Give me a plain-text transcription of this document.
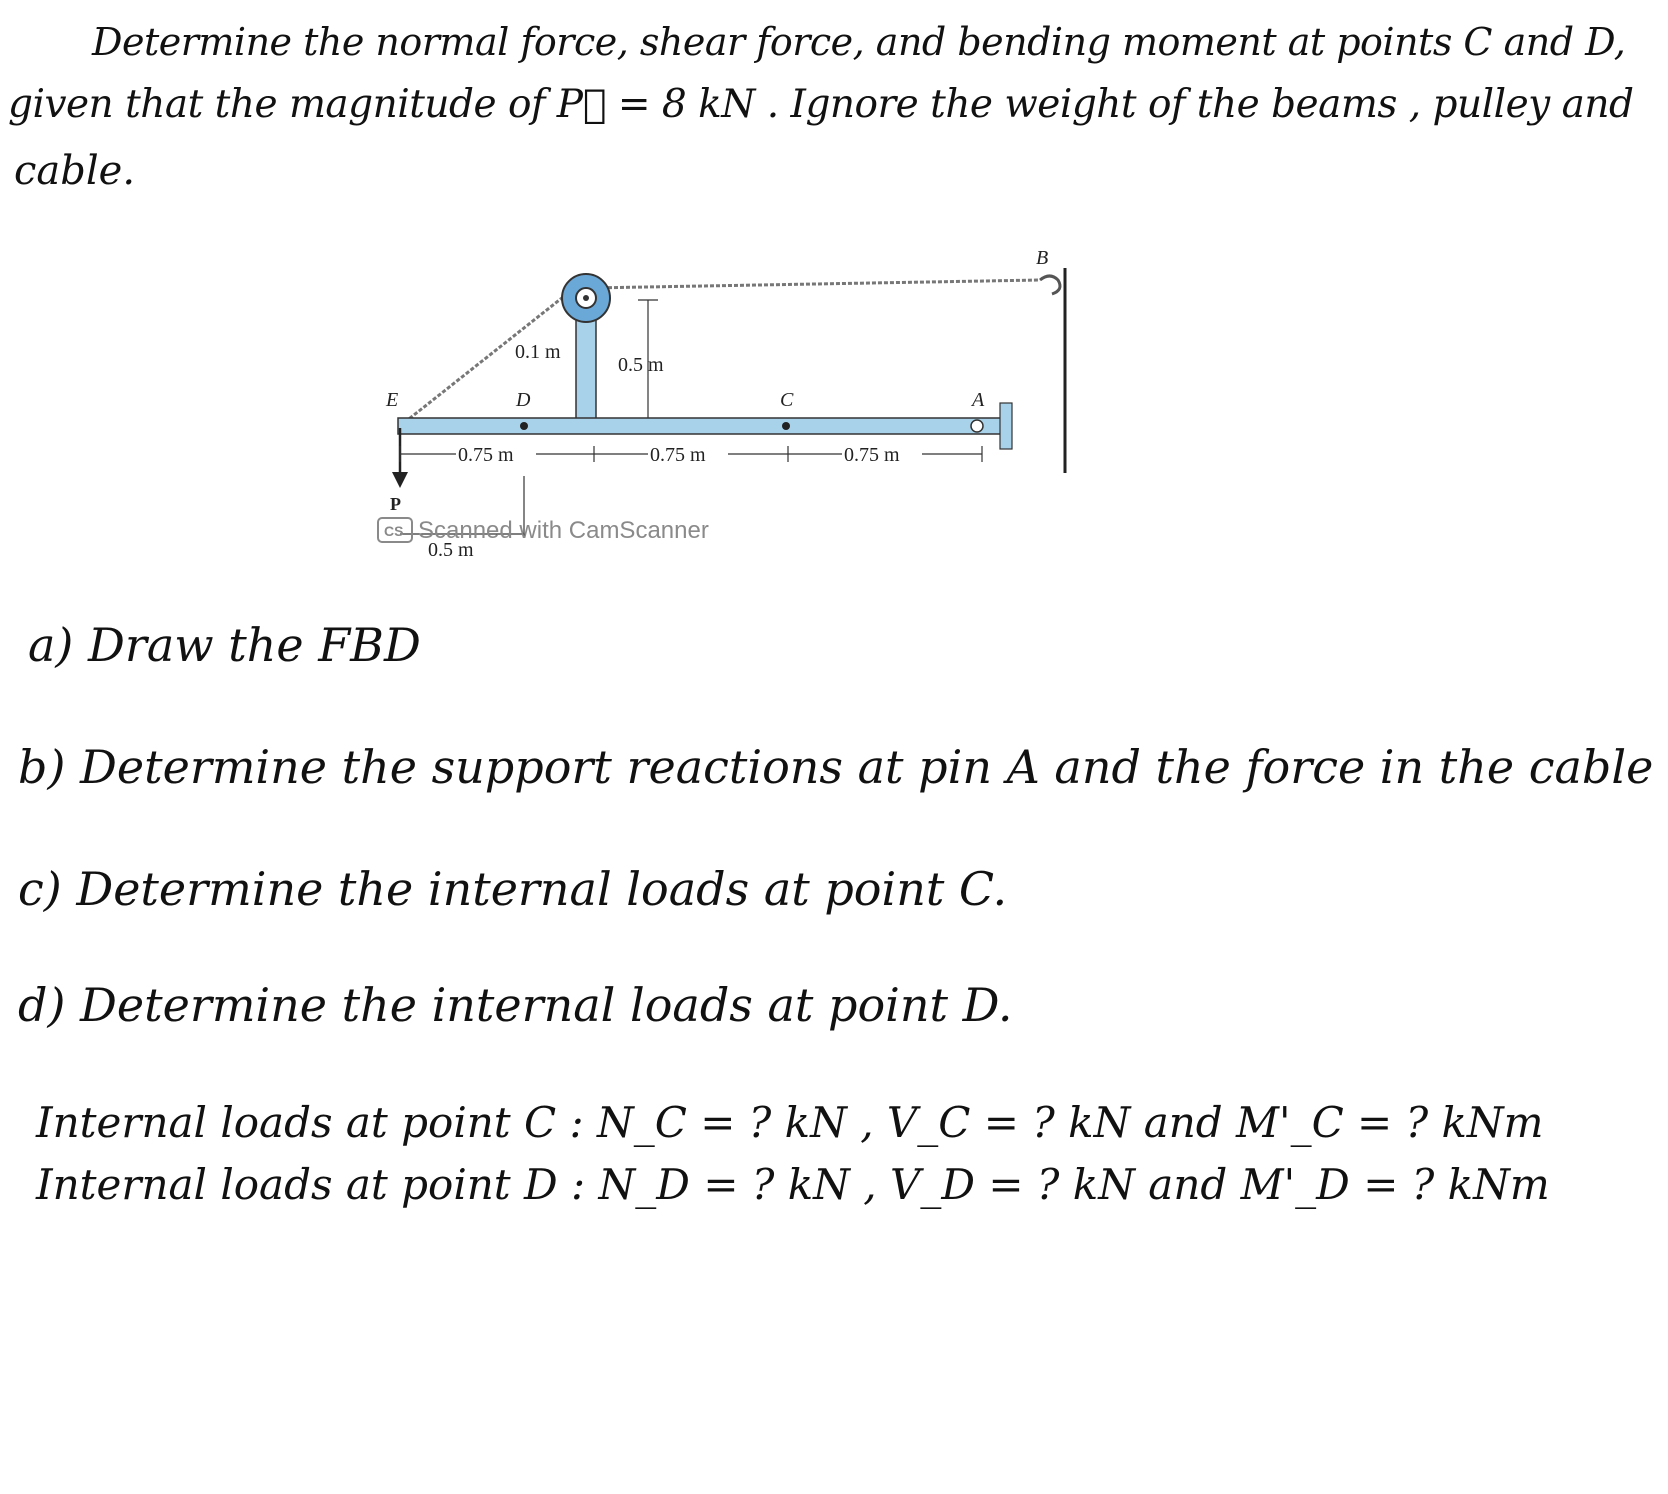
Determine the normal force, shear force, and bending moment at points C and D,
given that the magnitude of P⃗ = 8 kN . Ignore the weight of the beams , pulley and
cable.
B
0.1 m
0.5 m
A
E	D	C
P
0.75 m	0.75 m	0.75 m
0.5 m
CS Scanned with CamScanner
a) Draw the FBD
b) Determine the support reactions at pin A and the force in the cable
c) Determine the internal loads at point C.
d) Determine the internal loads at point D.
Internal loads at point C : N_C = ? kN , V_C = ? kN and M'_C = ? kNm
Internal loads at point D : N_D = ? kN , V_D = ? kN and M'_D = ? kNm
